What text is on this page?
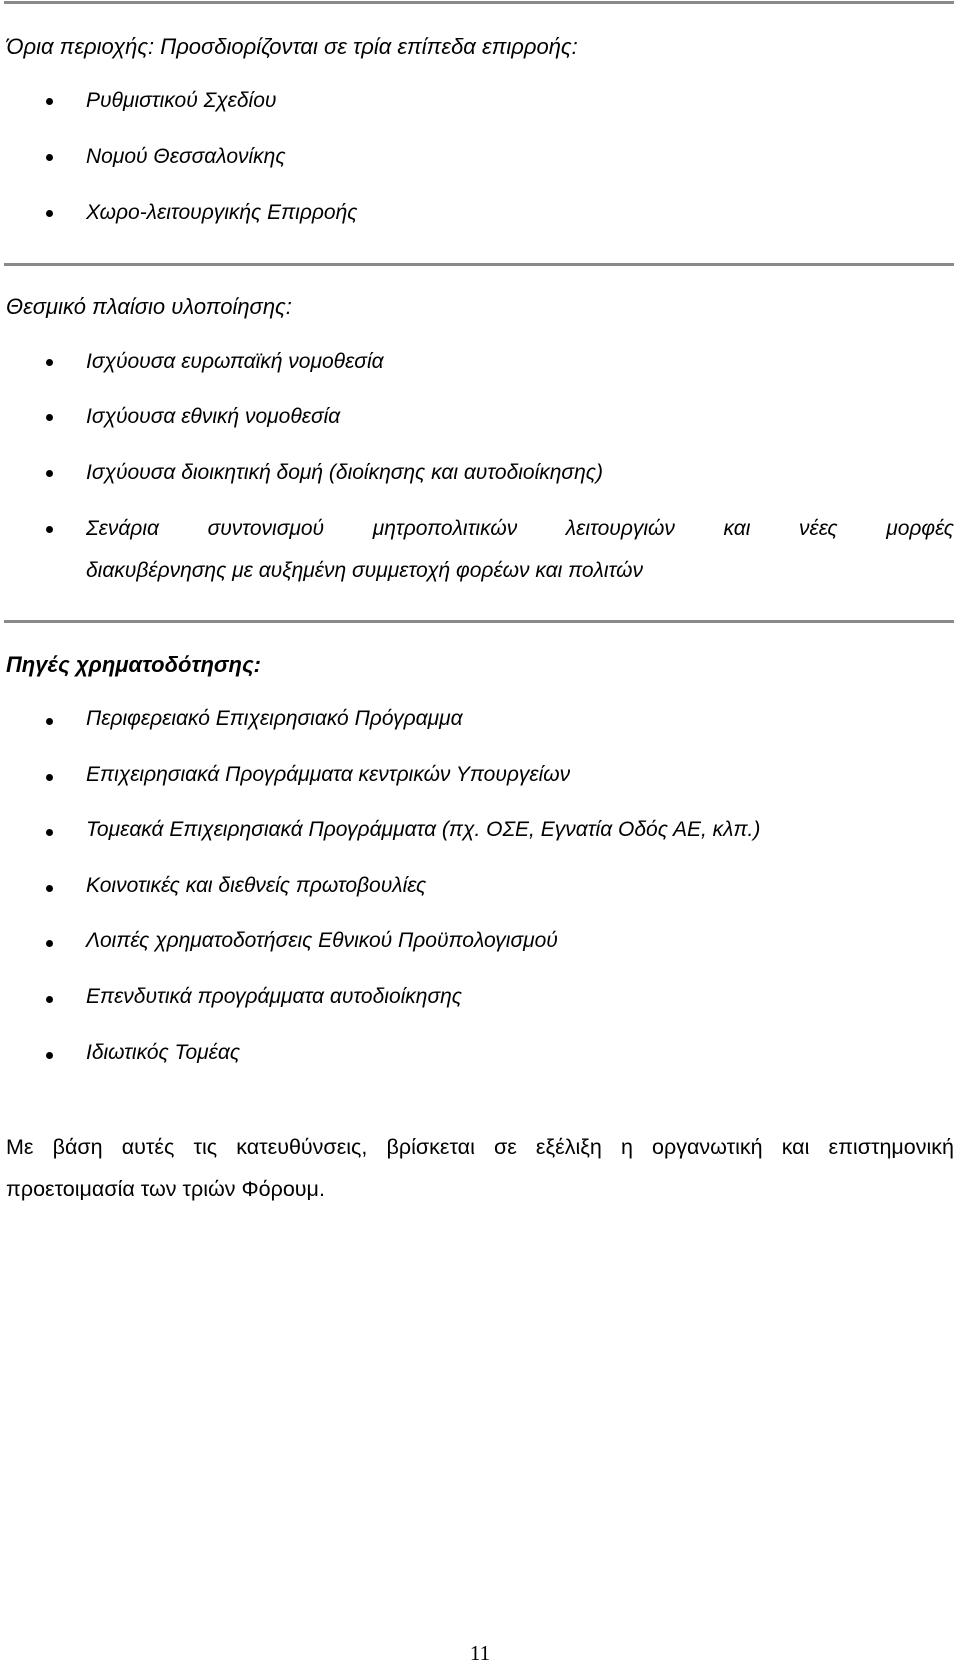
Όρια περιοχής: Προσδιορίζονται σε τρία επίπεδα επιρροής:
Ρυθμιστικού Σχεδίου
Νομού Θεσσαλονίκης
Χωρο-λειτουργικής Επιρροής
Θεσμικό πλαίσιο υλοποίησης:
Ισχύουσα ευρωπαϊκή νομοθεσία
Ισχύουσα εθνική νομοθεσία
Ισχύουσα διοικητική δομή (διοίκησης και αυτοδιοίκησης)
Σενάρια συντονισμού μητροπολιτικών λειτουργιών και νέες μορφές
διακυβέρνησης με αυξημένη συμμετοχή φορέων και πολιτών
Πηγές χρηματοδότησης:
Περιφερειακό Επιχειρησιακό Πρόγραμμα
Επιχειρησιακά Προγράμματα κεντρικών Υπουργείων
Τομεακά Επιχειρησιακά Προγράμματα (πχ. ΟΣΕ, Εγνατία Οδός ΑΕ, κλπ.)
Κοινοτικές και διεθνείς πρωτοβουλίες
Λοιπές χρηματοδοτήσεις Εθνικού Προϋπολογισμού
Επενδυτικά προγράμματα αυτοδιοίκησης
Ιδιωτικός Τομέας
Με βάση αυτές τις κατευθύνσεις, βρίσκεται σε εξέλιξη η οργανωτική και επιστημονική
προετοιμασία των τριών Φόρουμ.
11
